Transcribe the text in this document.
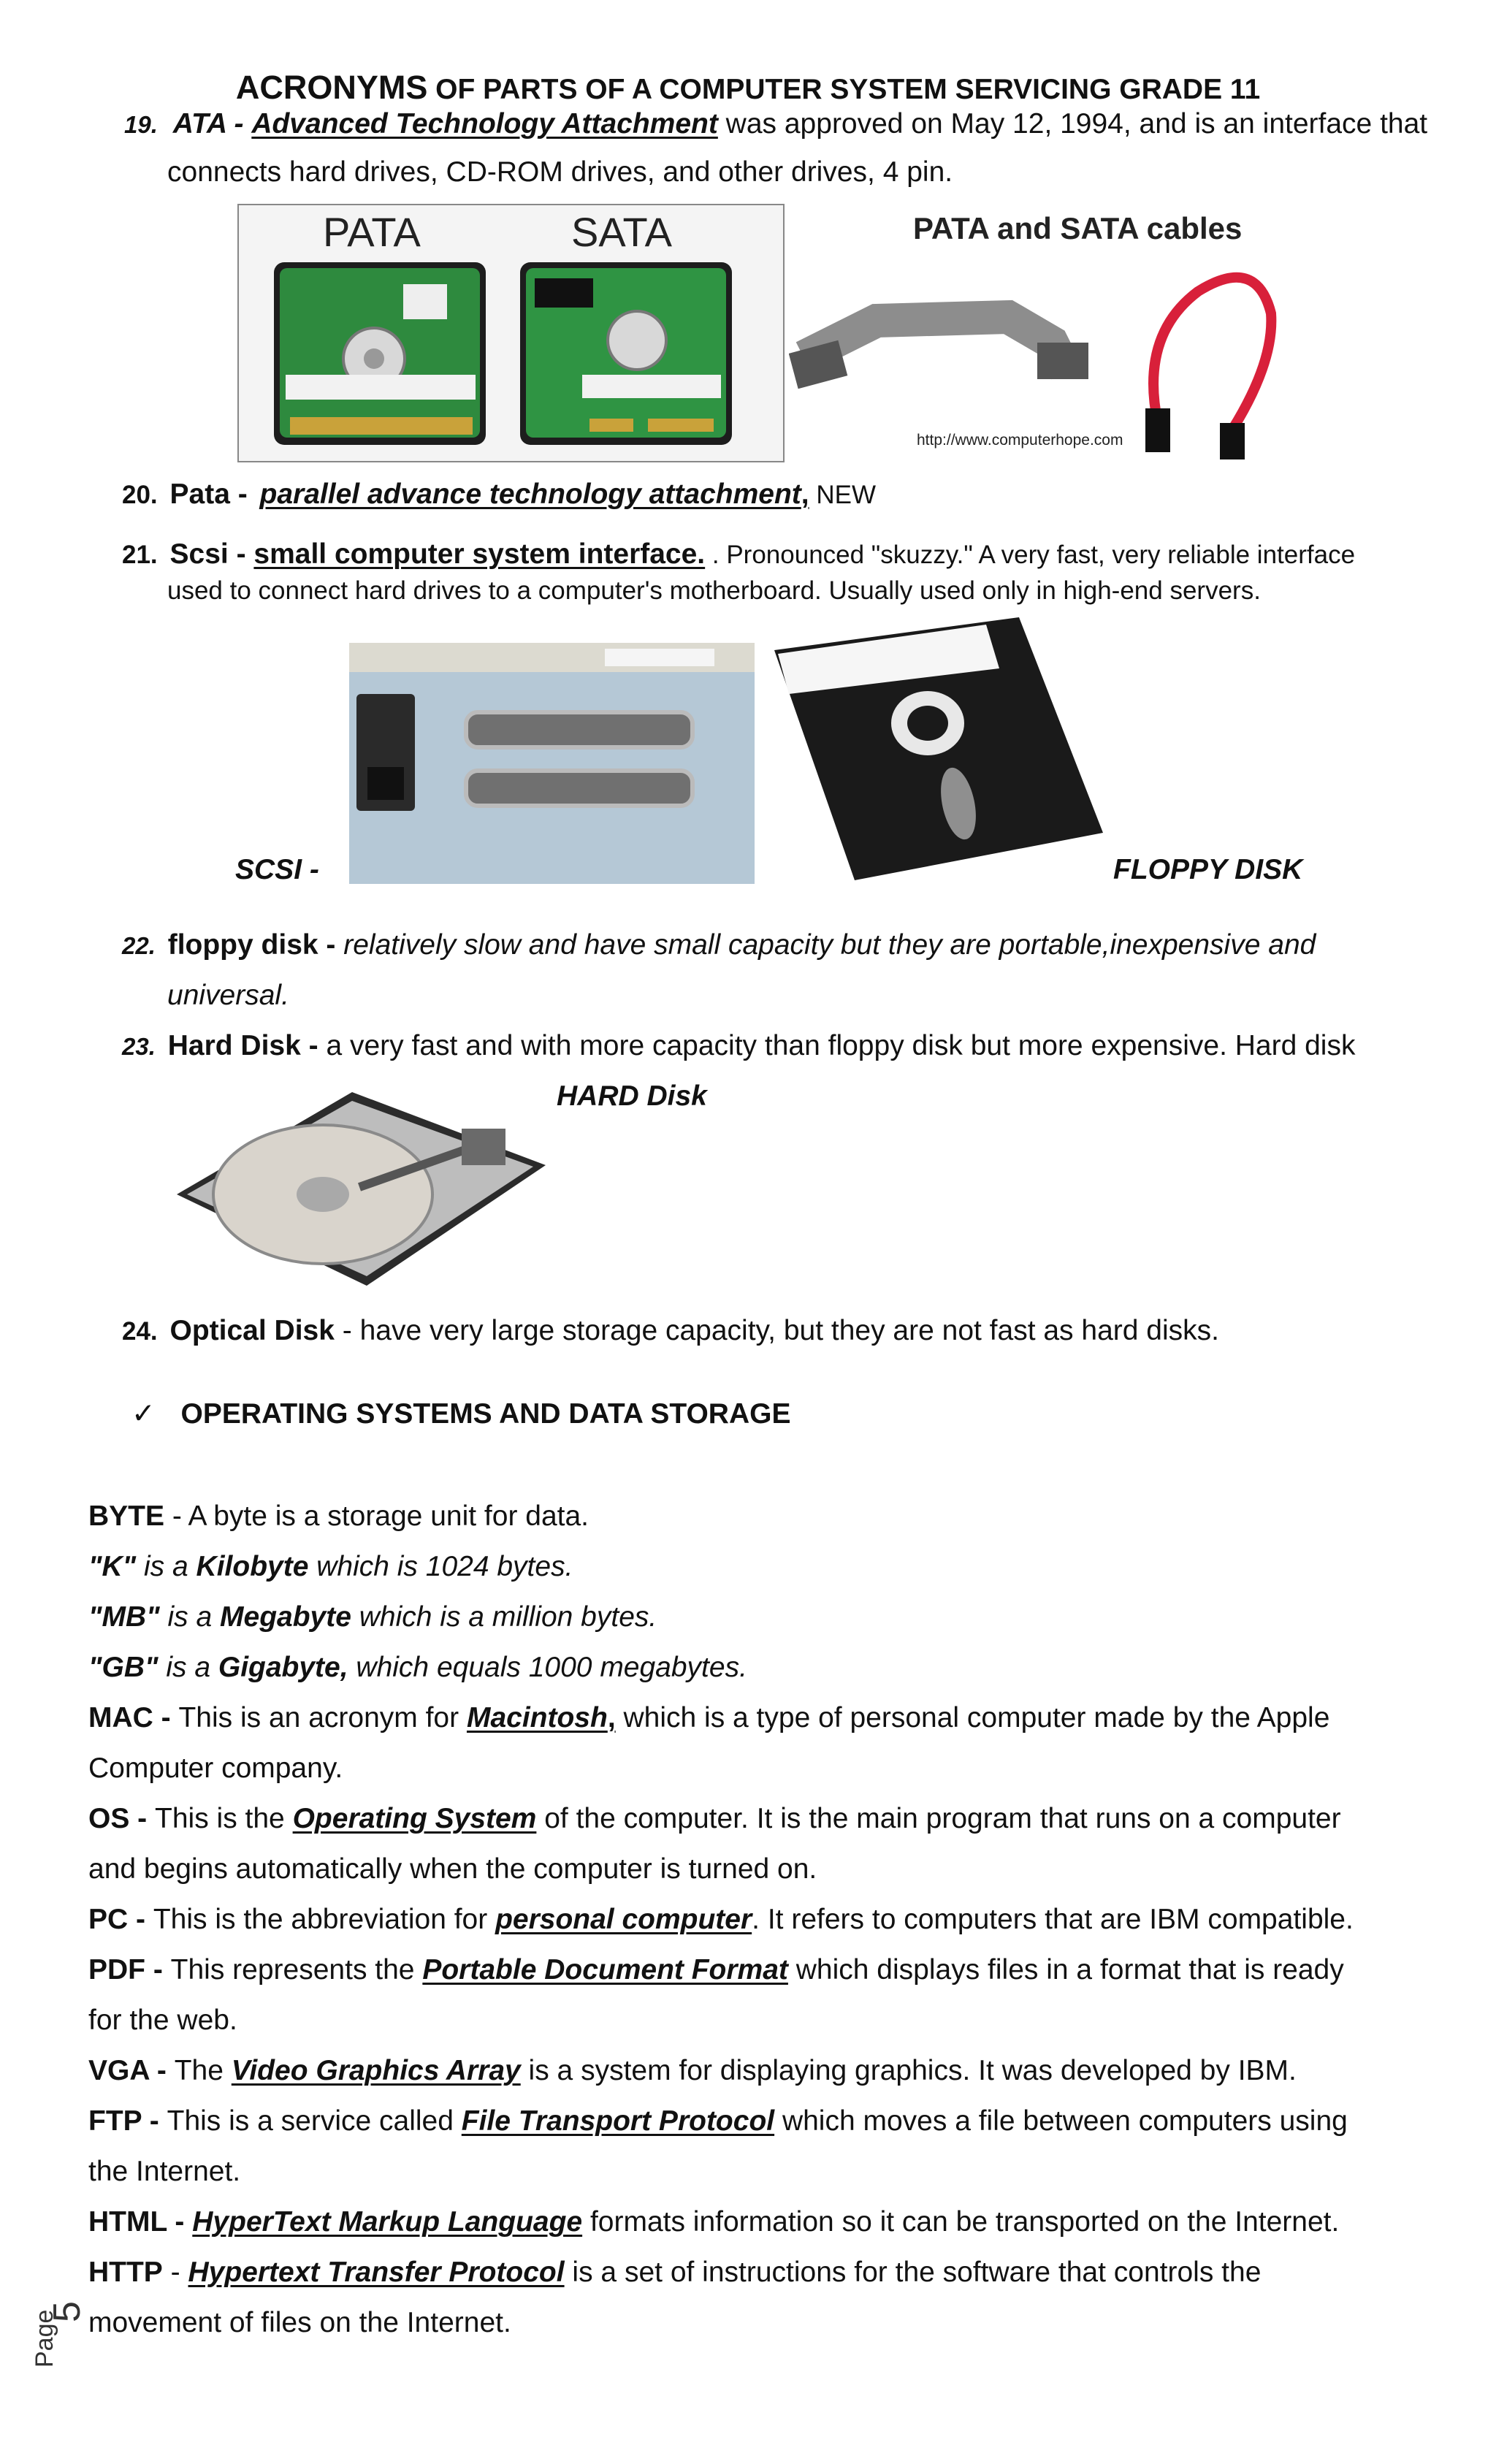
ACRONYMS OF PARTS OF A COMPUTER SYSTEM SERVICING GRADE 11
19. ATA - Advanced Technology Attachment was approved on May 12, 1994, and is an interface that
connects hard drives, CD-ROM drives, and other drives, 4 pin.
PATA	SATA	PATA and SATA cables
http://www.computerhope.com
20. Pata - parallel advance technology attachment, NEW
21. Scsi - small computer system interface. . Pronounced "skuzzy." A very fast, very reliable interface
used to connect hard drives to a computer's motherboard. Usually used only in high-end servers.
SCSI -	FLOPPY DISK
22. floppy disk - relatively slow and have small capacity but they are portable,inexpensive and
universal.
23. Hard Disk - a very fast and with more capacity than floppy disk but more expensive. Hard disk
HARD Disk
24. Optical Disk - have very large storage capacity, but they are not fast as hard disks.
✓ OPERATING SYSTEMS AND DATA STORAGE
BYTE - A byte is a storage unit for data.
"K" is a Kilobyte which is 1024 bytes.
"MB" is a Megabyte which is a million bytes.
"GB" is a Gigabyte, which equals 1000 megabytes.
MAC - This is an acronym for Macintosh, which is a type of personal computer made by the Apple
Computer company.
OS - This is the Operating System of the computer. It is the main program that runs on a computer
and begins automatically when the computer is turned on.
PC - This is the abbreviation for personal computer. It refers to computers that are IBM compatible.
PDF - This represents the Portable Document Format which displays files in a format that is ready
for the web.
VGA - The Video Graphics Array is a system for displaying graphics. It was developed by IBM.
FTP - This is a service called File Transport Protocol which moves a file between computers using
the Internet.
HTML - HyperText Markup Language formats information so it can be transported on the Internet.
HTTP - Hypertext Transfer Protocol is a set of instructions for the software that controls the
movement of files on the Internet.
Page
5
